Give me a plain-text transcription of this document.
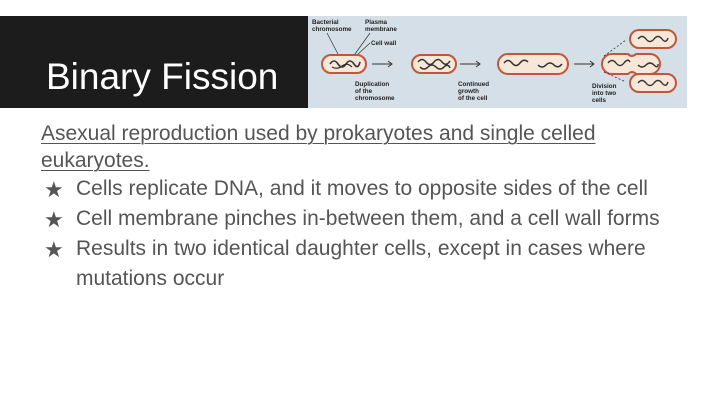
Binary Fission
Bacterial
chromosome
Plasma
membrane
Cell wall
Duplication
of the
chromosome
Continued
growth
of the cell
Division
into two
cells

Asexual reproduction used by prokaryotes and single celled eukaryotes.

★ Cells replicate DNA, and it moves to opposite sides of the cell
★ Cell membrane pinches in-between them, and a cell wall forms
★ Results in two identical daughter cells, except in cases where mutations occur
